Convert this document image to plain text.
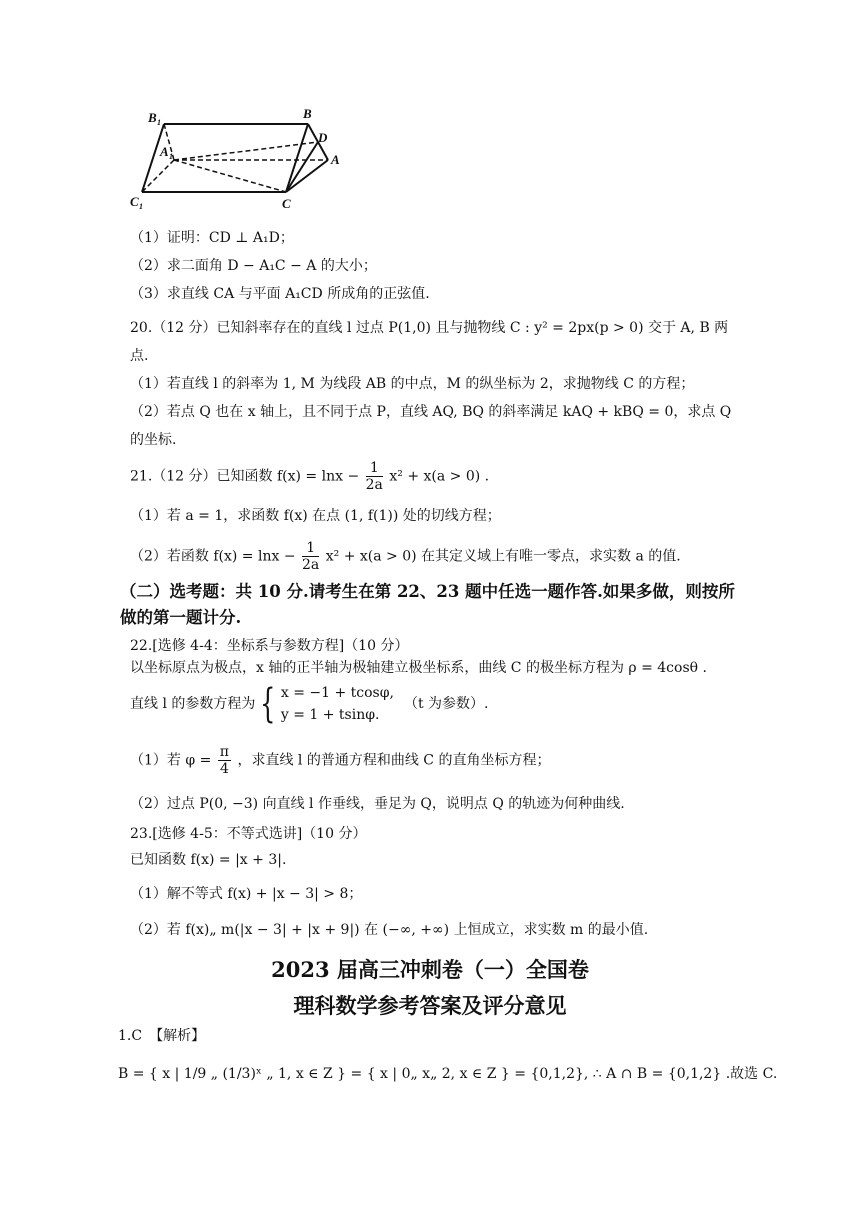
B 1
B
D
A 1	A
C 1	C
（1）证明：CD ⊥ A₁D；
（2）求二面角 D − A₁C − A 的大小；
（3）求直线 CA 与平面 A₁CD 所成角的正弦值.
20.（12 分）已知斜率存在的直线 l 过点 P(1,0) 且与抛物线 C : y² = 2px(p > 0) 交于 A, B 两
点.
（1）若直线 l 的斜率为 1, M 为线段 AB 的中点，M 的纵坐标为 2，求抛物线 C 的方程；
（2）若点 Q 也在 x 轴上，且不同于点 P，直线 AQ, BQ 的斜率满足 kAQ + kBQ = 0，求点 Q
的坐标.
21.（12 分）已知函数 $f(x) = \ln x - \frac{1}{2a} x^2 + x(a > 0)$ .
（1）若 a = 1，求函数 f(x) 在点 (1, f(1)) 处的切线方程；
（2）若函数 $f(x) = \ln x - \frac{1}{2a} x^2 + x(a > 0)$ 在其定义域上有唯一零点，求实数 a 的值.
（二）选考题：共 10 分.请考生在第 22、23 题中任选一题作答.如果多做，则按所
做的第一题计分.
22.[选修 4-4：坐标系与参数方程]（10 分）
以坐标原点为极点，x 轴的正半轴为极轴建立极坐标系，曲线 C 的极坐标方程为 ρ = 4cosθ .
直线 l 的参数方程为 { x = −1 + tcosφ,
y = 1 + tsinφ.
（t 为参数）.
（1）若 $\varphi = \frac{\pi}{4}$ ，求直线 l 的普通方程和曲线 C 的直角坐标方程；
（2）过点 P(0, −3) 向直线 l 作垂线，垂足为 Q，说明点 Q 的轨迹为何种曲线.
23.[选修 4-5：不等式选讲]（10 分）
已知函数 f(x) = |x + 3|.
（1）解不等式 f(x) + |x − 3| > 8；
（2）若 f(x)„ m(|x − 3| + |x + 9|) 在 (−∞, +∞) 上恒成立，求实数 m 的最小值.
2023 届高三冲刺卷（一）全国卷
理科数学参考答案及评分意见
1.C　【解析】
B = { x | 1/9 „ (1/3)ˣ „ 1, x ∈ Z } = { x | 0„ x„ 2, x ∈ Z } = {0,1,2}, ∴ A ∩ B = {0,1,2} .故选 C.
